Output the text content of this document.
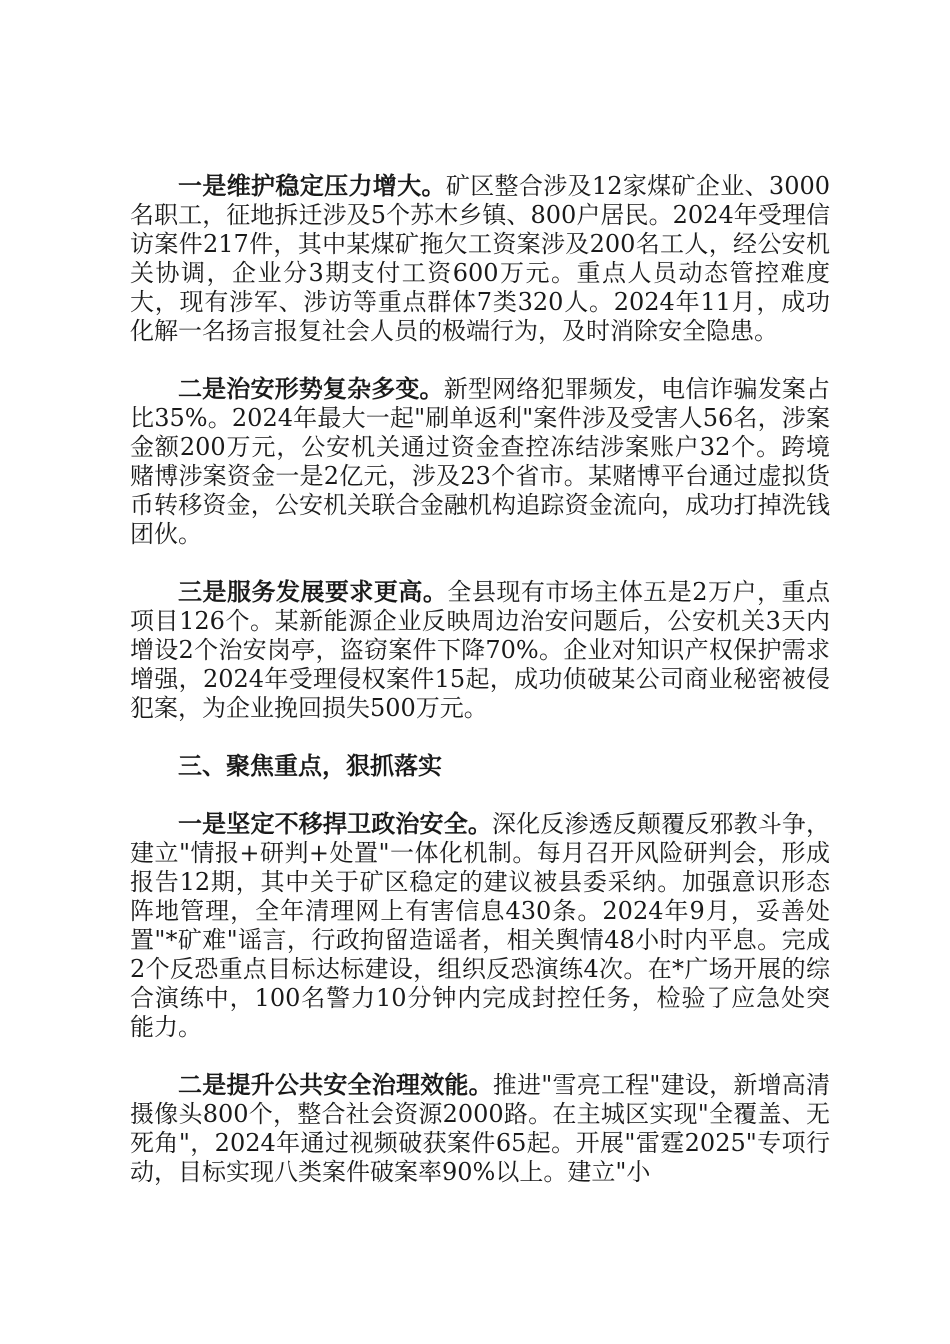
一是维护稳定压力增大。矿区整合涉及12家煤矿企业、3000名职工，征地拆迁涉及5个苏木乡镇、800户居民。2024年受理信访案件217件，其中某煤矿拖欠工资案涉及200名工人，经公安机关协调，企业分3期支付工资600万元。重点人员动态管控难度大，现有涉军、涉访等重点群体7类320人。2024年11月，成功化解一名扬言报复社会人员的极端行为，及时消除安全隐患。

二是治安形势复杂多变。新型网络犯罪频发，电信诈骗发案占比35%。2024年最大一起"刷单返利"案件涉及受害人56名，涉案金额200万元，公安机关通过资金查控冻结涉案账户32个。跨境赌博涉案资金一是2亿元，涉及23个省市。某赌博平台通过虚拟货币转移资金，公安机关联合金融机构追踪资金流向，成功打掉洗钱团伙。

三是服务发展要求更高。全县现有市场主体五是2万户，重点项目126个。某新能源企业反映周边治安问题后，公安机关3天内增设2个治安岗亭，盗窃案件下降70%。企业对知识产权保护需求增强，2024年受理侵权案件15起，成功侦破某公司商业秘密被侵犯案，为企业挽回损失500万元。

三、聚焦重点，狠抓落实

一是坚定不移捍卫政治安全。深化反渗透反颠覆反邪教斗争，建立"情报+研判+处置"一体化机制。每月召开风险研判会，形成报告12期，其中关于矿区稳定的建议被县委采纳。加强意识形态阵地管理，全年清理网上有害信息430条。2024年9月，妥善处置"*矿难"谣言，行政拘留造谣者，相关舆情48小时内平息。完成2个反恐重点目标达标建设，组织反恐演练4次。在*广场开展的综合演练中，100名警力10分钟内完成封控任务，检验了应急处突能力。

二是提升公共安全治理效能。推进"雪亮工程"建设，新增高清摄像头800个，整合社会资源2000路。在主城区实现"全覆盖、无死角"，2024年通过视频破获案件65起。开展"雷霆2025"专项行动，目标实现八类案件破案率90%以上。建立"小
